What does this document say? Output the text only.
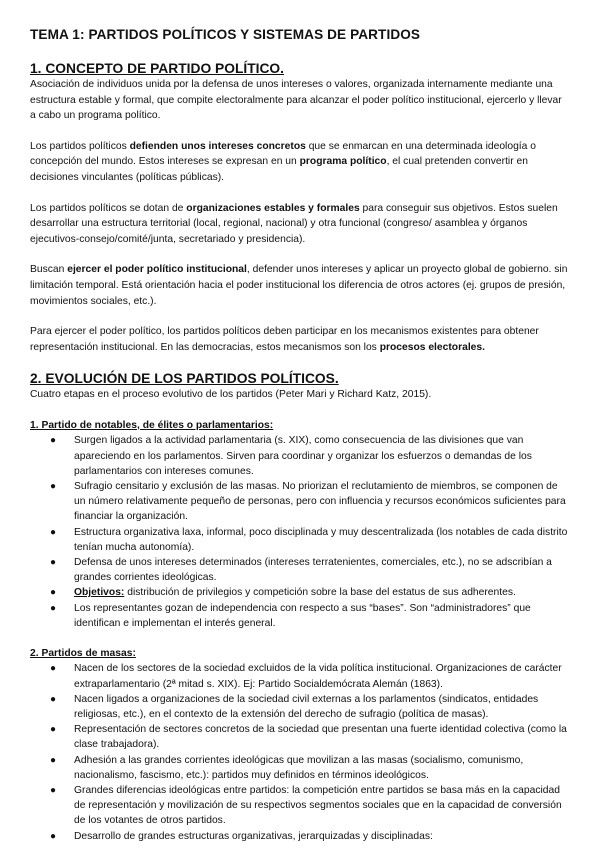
TEMA 1: PARTIDOS POLÍTICOS Y SISTEMAS DE PARTIDOS
1. CONCEPTO DE PARTIDO POLÍTICO.

Asociación de individuos unida por la defensa de unos intereses o valores, organizada internamente mediante una estructura estable y formal, que compite electoralmente para alcanzar el poder político institucional, ejercerlo y llevar a cabo un programa político.

Los partidos políticos defienden unos intereses concretos que se enmarcan en una determinada ideología o concepción del mundo. Estos intereses se expresan en un programa político, el cual pretenden convertir en decisiones vinculantes (políticas públicas).

Los partidos políticos se dotan de organizaciones estables y formales para conseguir sus objetivos. Estos suelen desarrollar una estructura territorial (local, regional, nacional) y otra funcional (congreso/ asamblea y órganos ejecutivos-consejo/comité/junta, secretariado y presidencia).

Buscan ejercer el poder político institucional, defender unos intereses y aplicar un proyecto global de gobierno. sin limitación temporal. Está orientación hacia el poder institucional los diferencia de otros actores (ej. grupos de presión, movimientos sociales, etc.).

Para ejercer el poder político, los partidos políticos deben participar en los mecanismos existentes para obtener representación institucional. En las democracias, estos mecanismos son los procesos electorales.

2. EVOLUCIÓN DE LOS PARTIDOS POLÍTICOS.

Cuatro etapas en el proceso evolutivo de los partidos (Peter Mari y Richard Katz, 2015).

1. Partido de notables, de élites o parlamentarios:
● Surgen ligados a la actividad parlamentaria (s. XIX), como consecuencia de las divisiones que van apareciendo en los parlamentos. Sirven para coordinar y organizar los esfuerzos o demandas de los parlamentarios con intereses comunes.
● Sufragio censitario y exclusión de las masas. No priorizan el reclutamiento de miembros, se componen de un número relativamente pequeño de personas, pero con influencia y recursos económicos suficientes para financiar la organización.
● Estructura organizativa laxa, informal, poco disciplinada y muy descentralizada (los notables de cada distrito tenían mucha autonomía).
● Defensa de unos intereses determinados (intereses terratenientes, comerciales, etc.), no se adscribían a grandes corrientes ideológicas.
● Objetivos: distribución de privilegios y competición sobre la base del estatus de sus adherentes.
● Los representantes gozan de independencia con respecto a sus “bases”. Son “administradores” que identifican e implementan el interés general.
2. Partidos de masas:
● Nacen de los sectores de la sociedad excluidos de la vida política institucional. Organizaciones de carácter extraparlamentario (2ª mitad s. XIX). Ej: Partido Socialdemócrata Alemán (1863).
● Nacen ligados a organizaciones de la sociedad civil externas a los parlamentos (sindicatos, entidades religiosas, etc.), en el contexto de la extensión del derecho de sufragio (política de masas).
● Representación de sectores concretos de la sociedad que presentan una fuerte identidad colectiva (como la clase trabajadora).
● Adhesión a las grandes corrientes ideológicas que movilizan a las masas (socialismo, comunismo, nacionalismo, fascismo, etc.): partidos muy definidos en términos ideológicos.
● Grandes diferencias ideológicas entre partidos: la competición entre partidos se basa más en la capacidad de representación y movilización de su respectivos segmentos sociales que en la capacidad de conversión de los votantes de otros partidos.
● Desarrollo de grandes estructuras organizativas, jerarquizadas y disciplinadas:
